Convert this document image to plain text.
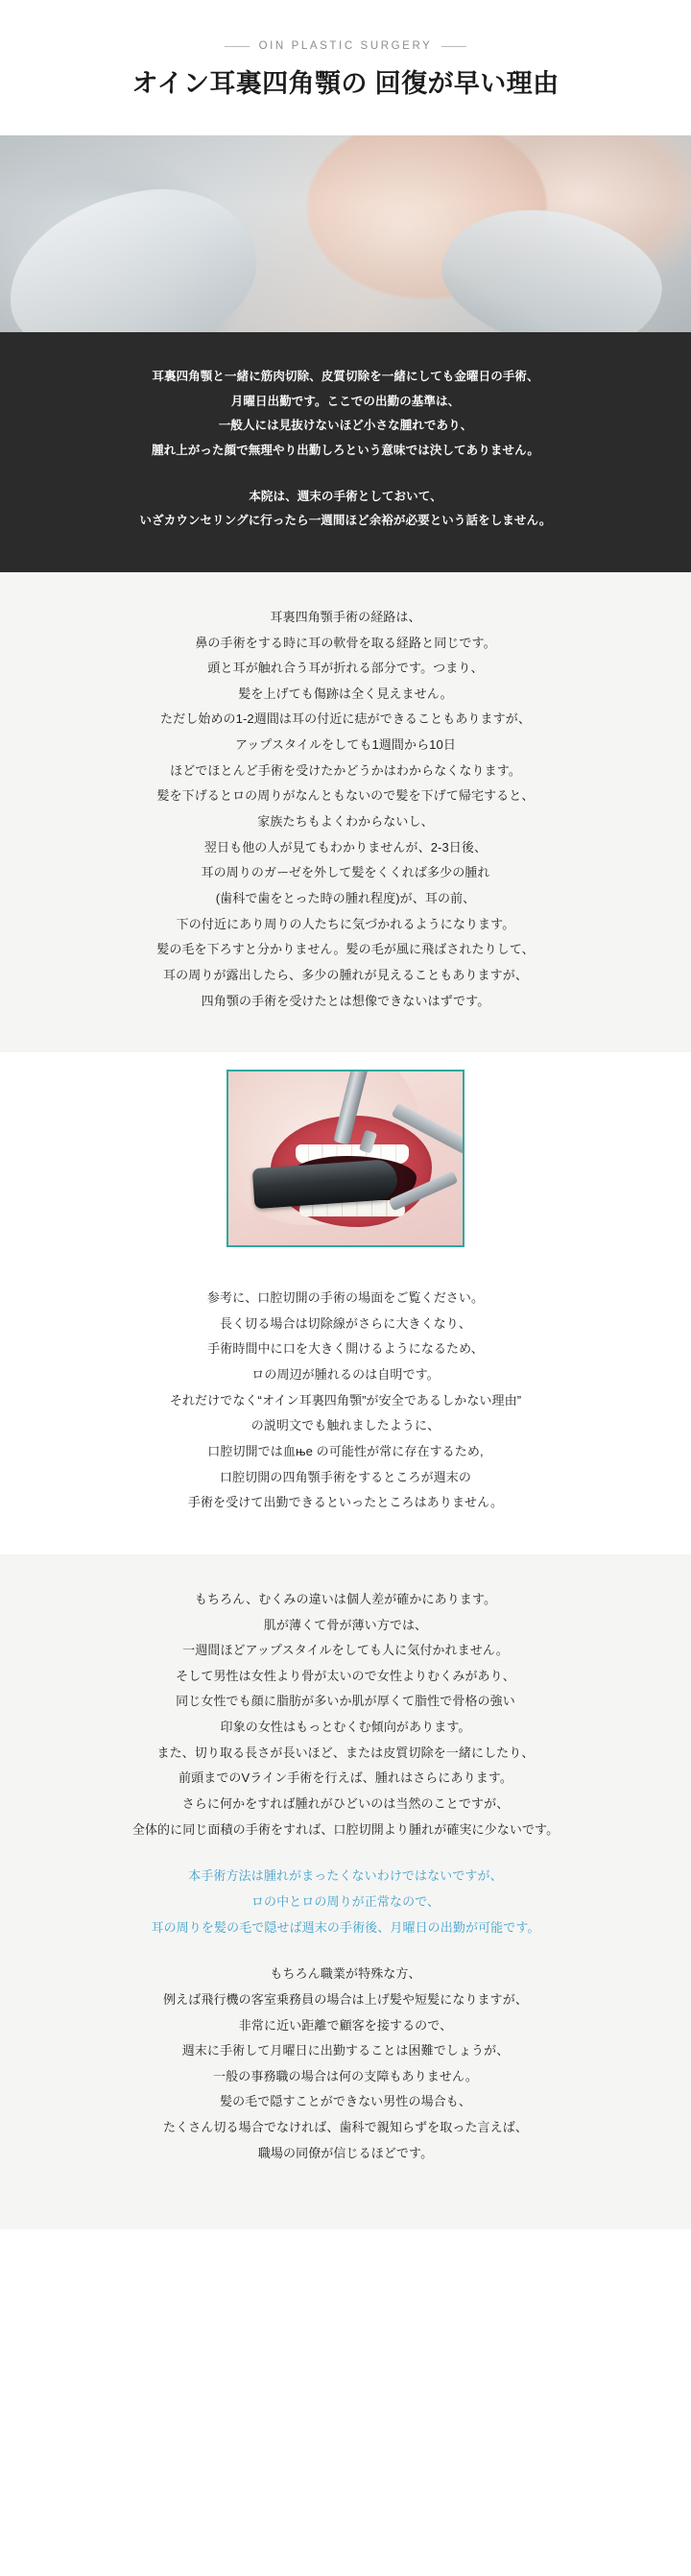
OIN PLASTIC SURGERY
オイン耳裏四角顎の 回復が早い理由

耳裏四角顎と一緒に筋肉切除、皮質切除を一緒にしても金曜日の手術、
月曜日出勤です。ここでの出勤の基準は、
一般人には見抜けないほど小さな腫れであり、
腫れ上がった顔で無理やり出勤しろという意味では決してありません。

本院は、週末の手術としておいて、
いざカウンセリングに行ったら一週間ほど余裕が必要という話をしません。

耳裏四角顎手術の経路は、
鼻の手術をする時に耳の軟骨を取る経路と同じです。
頭と耳が触れ合う耳が折れる部分です。つまり、
髪を上げても傷跡は全く見えません。
ただし始めの1-2週間は耳の付近に痣ができることもありますが、
アップスタイルをしても1週間から10日
ほどでほとんど手術を受けたかどうかはわからなくなります。
髪を下げるとロの周りがなんともないので髪を下げて帰宅すると、
家族たちもよくわからないし、
翌日も他の人が見てもわかりませんが、2-3日後、
耳の周りのガーゼを外して髪をくくれば多少の腫れ
(歯科で歯をとった時の腫れ程度)が、耳の前、
下の付近にあり周りの人たちに気づかれるようになります。
髪の毛を下ろすと分かりません。髪の毛が風に飛ばされたりして、
耳の周りが露出したら、多少の腫れが見えることもありますが、
四角顎の手術を受けたとは想像できないはずです。

参考に、口腔切開の手術の場面をご覧ください。
長く切る場合は切除線がさらに大きくなり、
手術時間中に口を大きく開けるようになるため、
ロの周辺が腫れるのは自明です。
それだけでなく“オイン耳裏四角顎”が安全であるしかない理由”
の説明文でも触れましたように、
口腔切開では血ње の可能性が常に存在するため,
口腔切開の四角顎手術をするところが週末の
手術を受けて出勤できるといったところはありません。

もちろん、むくみの違いは個人差が確かにあります。
肌が薄くて骨が薄い方では、
一週間ほどアップスタイルをしても人に気付かれません。
そして男性は女性より骨が太いので女性よりむくみがあり、
同じ女性でも顔に脂肪が多いか肌が厚くて脂性で骨格の強い
印象の女性はもっとむくむ傾向があります。
また、切り取る長さが長いほど、または皮質切除を一緒にしたり、
前頭までのVライン手術を行えば、腫れはさらにあります。
さらに何かをすれば腫れがひどいのは当然のことですが、
全体的に同じ面積の手術をすれば、口腔切開より腫れが確実に少ないです。

本手術方法は腫れがまったくないわけではないですが、
ロの中とロの周りが正常なので、
耳の周りを髪の毛で隠せば週末の手術後、月曜日の出勤が可能です。

もちろん職業が特殊な方、
例えば飛行機の客室乗務員の場合は上げ髪や短髪になりますが、
非常に近い距離で顧客を接するので、
週末に手術して月曜日に出勤することは困難でしょうが、
一般の事務職の場合は何の支障もありません。
髪の毛で隠すことができない男性の場合も、
たくさん切る場合でなければ、歯科で親知らずを取った言えば、
職場の同僚が信じるほどです。
